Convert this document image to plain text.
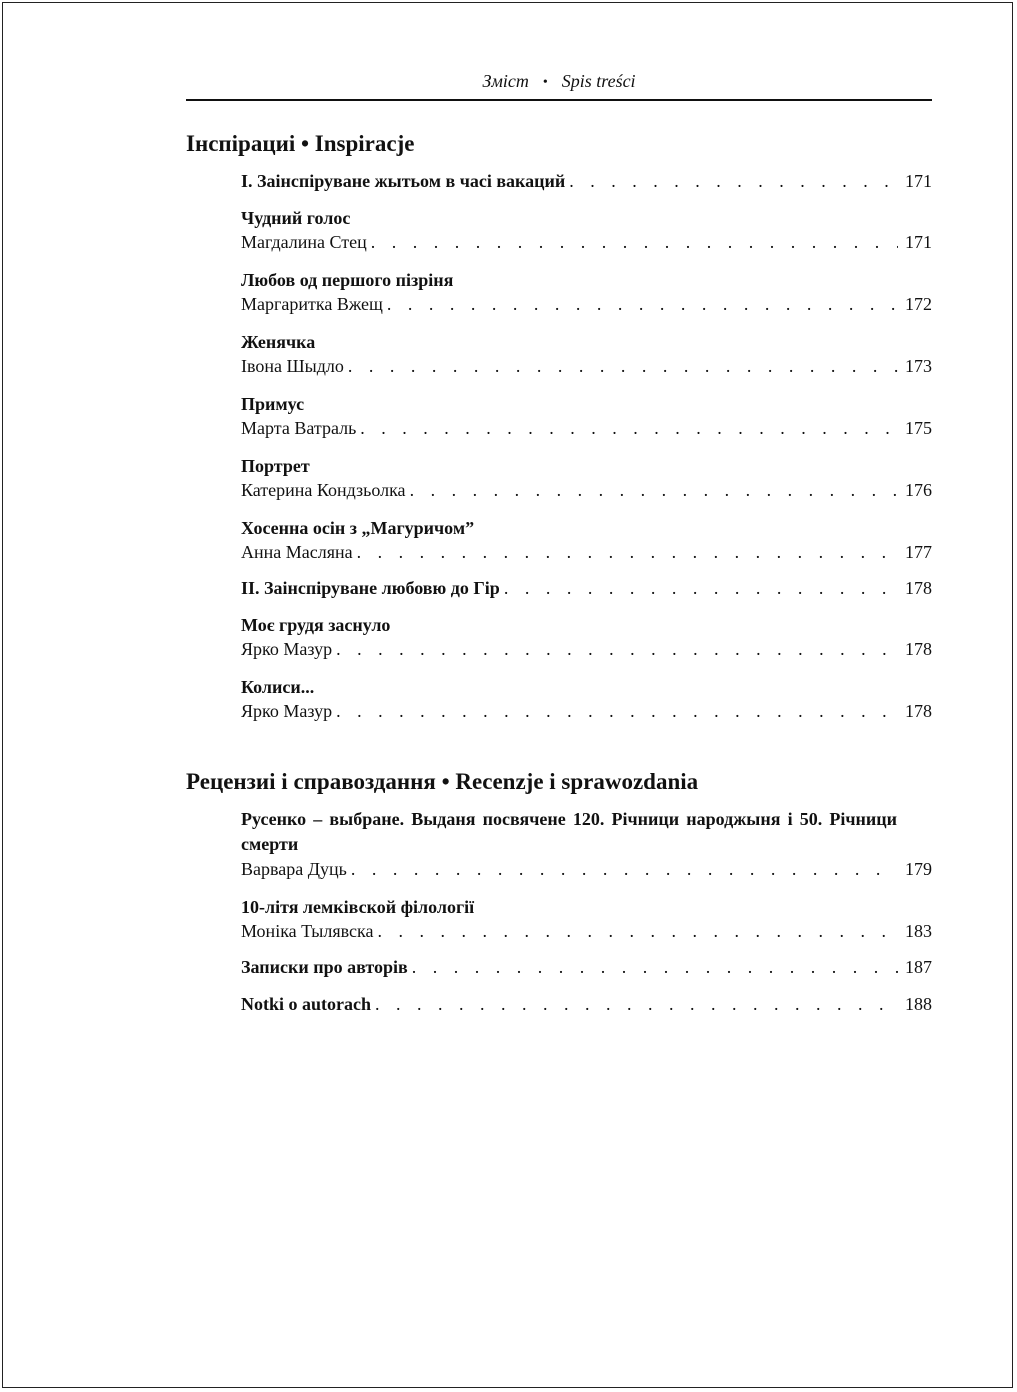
Зміст • Spis treści
Інспірациі • Inspiracje
І. Заінспіруване жытьом в часі вакаций . . .	171
Чудний голос
Магдалина Стец . . .	171
Любов од першого пізріня
Маргаритка Вжещ . . .	172
Женячка
Івона Шыдло . . .	173
Примус
Марта Ватраль . . .	175
Портрет
Катерина Кондзьолка . . .	176
Хосенна осін з „Магуричом”
Анна Масляна . . .	177
ІІ. Заінспіруване любовю до Гір . . .	178
Моє грудя заснуло
Ярко Мазур . . .	178
Колиси...
Ярко Мазур . . .	178
Рецензиі і справоздання • Recenzje i sprawozdania
Русенко – выбране. Выданя посвячене 120. Річници народжыня і 50. Річници смерти
Варвара Дуць . . .	179
10-літя лемківской філології
Моніка Тылявска . . .	183
Записки про авторів . . .	187
Notki o autorach . . .	188
